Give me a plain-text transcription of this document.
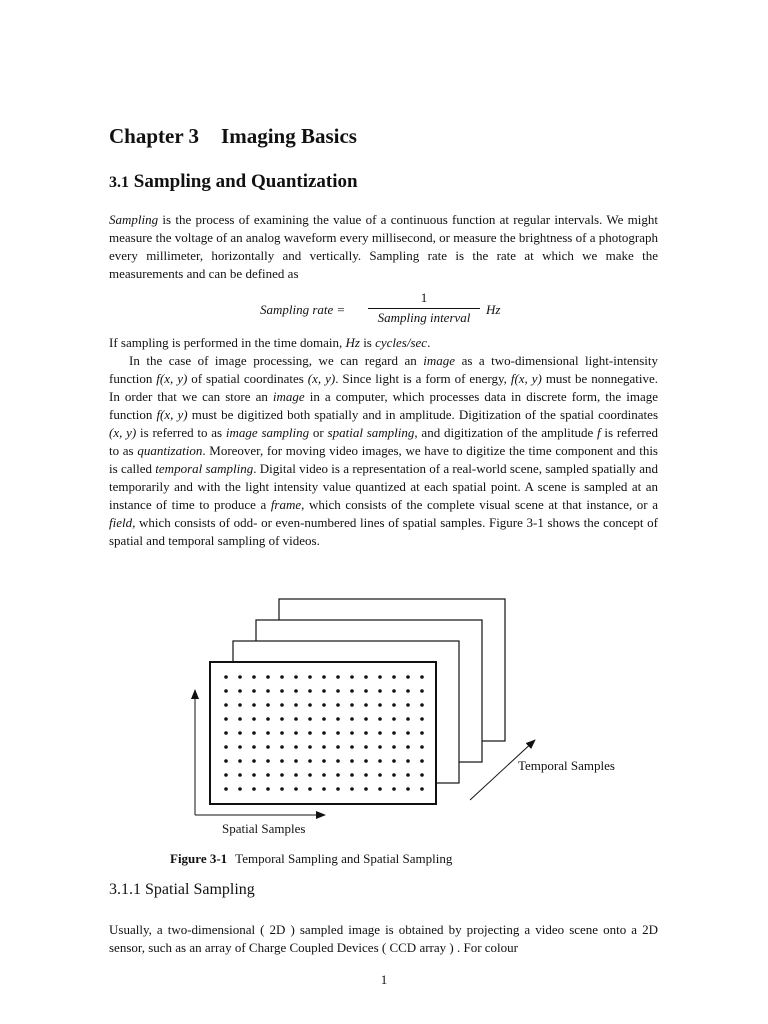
Chapter 3 Imaging Basics
3.1 Sampling and Quantization
Sampling is the process of examining the value of a continuous function at regular intervals. We might measure the voltage of an analog waveform every millisecond, or measure the brightness of a photograph every millimeter, horizontally and vertically. Sampling rate is the rate at which we make the measurements and can be defined as
Sampling rate =
1
Sampling interval
Hz
If sampling is performed in the time domain, Hz is cycles/sec.
In the case of image processing, we can regard an image as a two-dimensional light-intensity function f(x, y) of spatial coordinates (x, y). Since light is a form of energy, f(x, y) must be nonnegative. In order that we can store an image in a computer, which processes data in discrete form, the image function f(x, y) must be digitized both spatially and in amplitude. Digitization of the spatial coordinates (x, y) is referred to as image sampling or spatial sampling, and digitization of the amplitude f is referred to as quantization. Moreover, for moving video images, we have to digitize the time component and this is called temporal sampling. Digital video is a representation of a real-world scene, sampled spatially and temporarily and with the light intensity value quantized at each spatial point. A scene is sampled at an instance of time to produce a frame, which consists of the complete visual scene at that instance, or a field, which consists of odd- or even-numbered lines of spatial samples. Figure 3-1 shows the concept of spatial and temporal sampling of videos.
Temporal Samples
Spatial Samples
Figure 3-1 Temporal Sampling and Spatial Sampling
3.1.1 Spatial Sampling
Usually, a two-dimensional ( 2D ) sampled image is obtained by projecting a video scene onto a 2D sensor, such as an array of Charge Coupled Devices ( CCD array ) . For colour
1
